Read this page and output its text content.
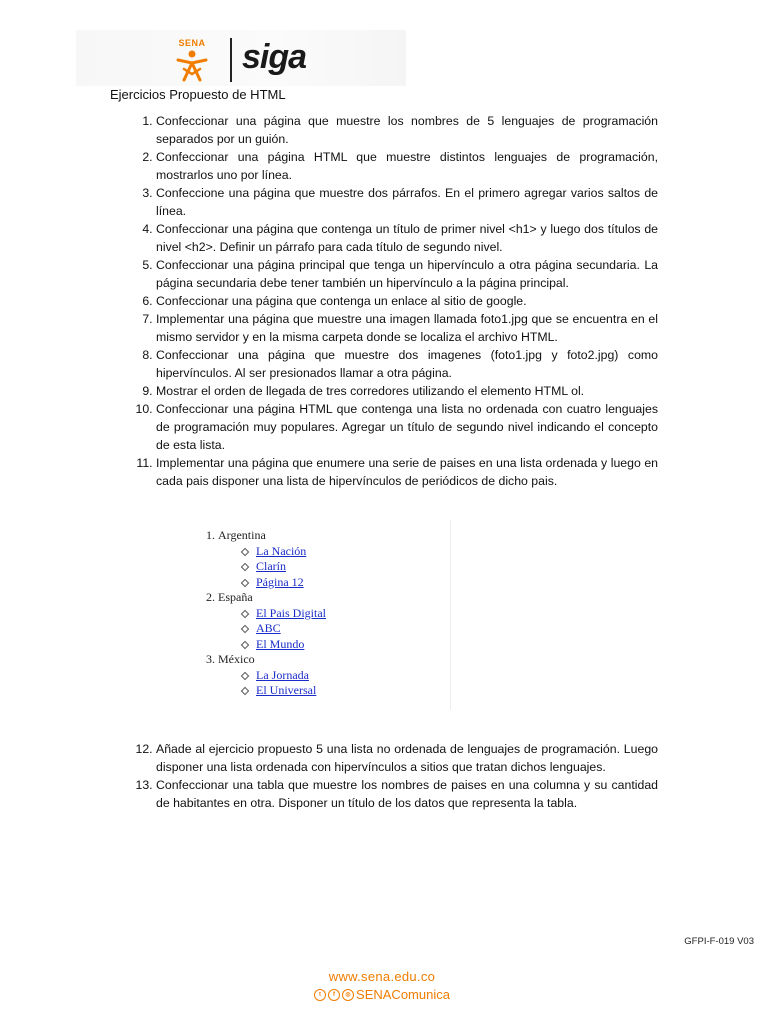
SENA	siga
Ejercicios Propuesto de HTML
1. Confeccionar una página que muestre los nombres de 5 lenguajes de programación separados por un guión.
2. Confeccionar una página HTML que muestre distintos lenguajes de programación, mostrarlos uno por línea.
3. Confeccione una página que muestre dos párrafos. En el primero agregar varios saltos de línea.
4. Confeccionar una página que contenga un título de primer nivel <h1> y luego dos títulos de nivel <h2>. Definir un párrafo para cada título de segundo nivel.
5. Confeccionar una página principal que tenga un hipervínculo a otra página secundaria. La página secundaria debe tener también un hipervínculo a la página principal.
6. Confeccionar una página que contenga un enlace al sitio de google.
7. Implementar una página que muestre una imagen llamada foto1.jpg que se encuentra en el mismo servidor y en la misma carpeta donde se localiza el archivo HTML.
8. Confeccionar una página que muestre dos imagenes (foto1.jpg y foto2.jpg) como hipervínculos. Al ser presionados llamar a otra página.
9. Mostrar el orden de llegada de tres corredores utilizando el elemento HTML ol.
10. Confeccionar una página HTML que contenga una lista no ordenada con cuatro lenguajes de programación muy populares. Agregar un título de segundo nivel indicando el concepto de esta lista.
11. Implementar una página que enumere una serie de paises en una lista ordenada y luego en cada pais disponer una lista de hipervínculos de periódicos de dicho pais.
1. Argentina
La Nación
Clarín
Página 12
2. España
El Pais Digital
ABC
El Mundo
3. México
La Jornada
El Universal
12. Añade al ejercicio propuesto 5 una lista no ordenada de lenguajes de programación. Luego disponer una lista ordenada con hipervínculos a sitios que tratan dichos lenguajes.
13. Confeccionar una tabla que muestre los nombres de paises en una columna y su cantidad de habitantes en otra. Disponer un título de los datos que representa la tabla.
GFPI-F-019 V03
www.sena.edu.co
t	f	◎ SENAComunica
